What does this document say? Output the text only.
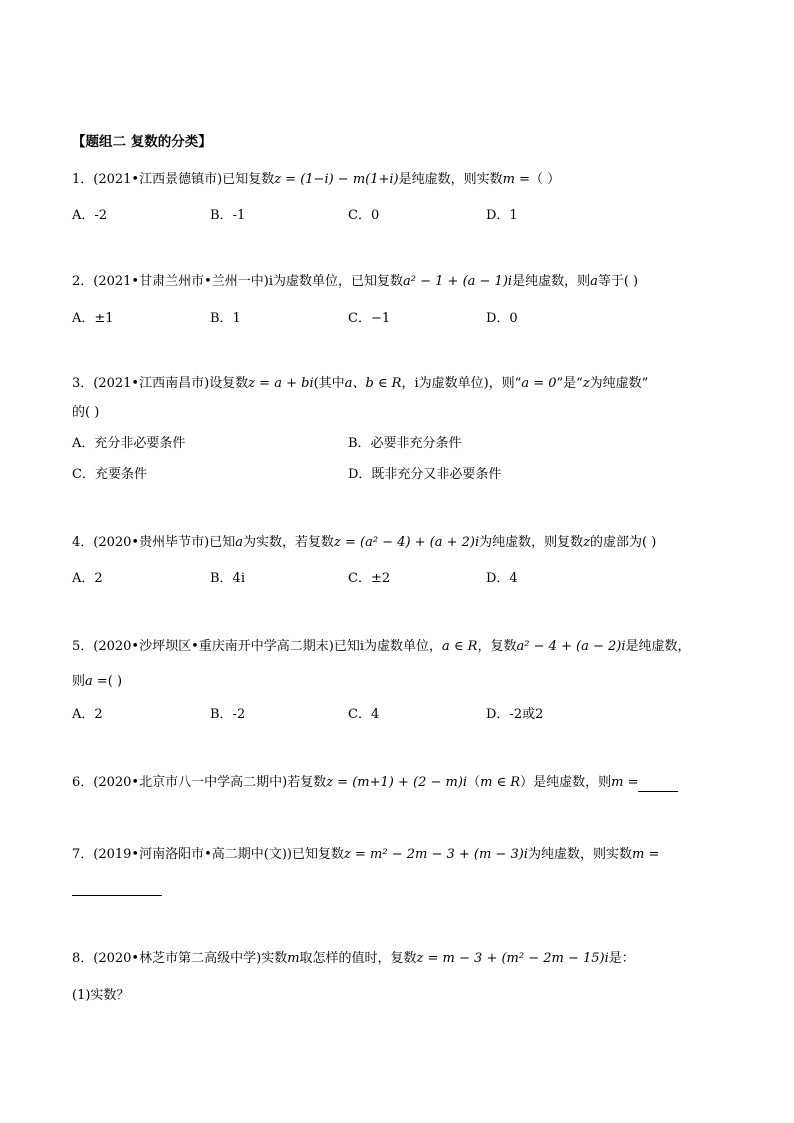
【题组二 复数的分类】
1．(2021•江西景德镇市)已知复数z = (1−i) − m(1+i)是纯虚数，则实数m =（ ）
A．-2	B．-1	C．0	D．1
2．(2021•甘肃兰州市•兰州一中)i为虚数单位，已知复数a² − 1 + (a − 1)i是纯虚数，则a等于( )
A．±1	B．1	C．−1	D．0
3．(2021•江西南昌市)设复数z = a + bi(其中a、b ∈ R，i为虚数单位)，则“a = 0”是“z为纯虚数”
的( )
A．充分非必要条件	B．必要非充分条件
C．充要条件	D．既非充分又非必要条件
4．(2020•贵州毕节市)已知a为实数，若复数z = (a² − 4) + (a + 2)i为纯虚数，则复数z的虚部为( )
A．2	B．4i	C．±2	D．4
5．(2020•沙坪坝区•重庆南开中学高二期末)已知i为虚数单位，a ∈ R，复数a² − 4 + (a − 2)i是纯虚数，
则a =( )
A．2	B．-2	C．4	D．-2或2
6．(2020•北京市八一中学高二期中)若复数z = (m+1) + (2 − m)i（m ∈ R）是纯虚数，则m =
7．(2019•河南洛阳市•高二期中(文))已知复数z = m² − 2m − 3 + (m − 3)i为纯虚数，则实数m =
8．(2020•林芝市第二高级中学)实数m取怎样的值时，复数z = m − 3 + (m² − 2m − 15)i是：
(1)实数？
